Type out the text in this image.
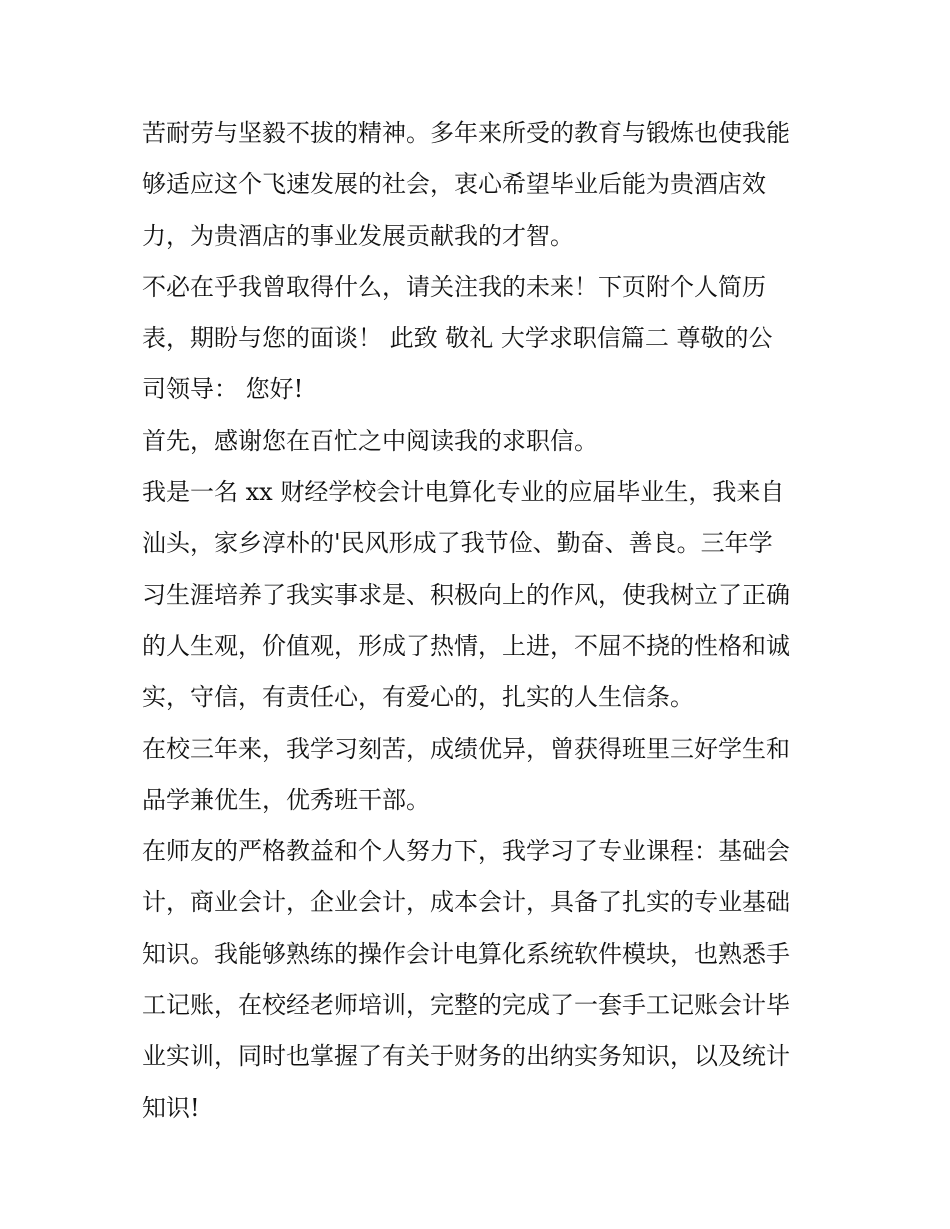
苦耐劳与坚毅不拔的精神。多年来所受的教育与锻炼也使我能
够适应这个飞速发展的社会，衷心希望毕业后能为贵酒店效
力，为贵酒店的事业发展贡献我的才智。
不必在乎我曾取得什么，请关注我的未来！下页附个人简历
表，期盼与您的面谈！ 此致 敬礼 大学求职信篇二 尊敬的公
司领导： 您好!
首先，感谢您在百忙之中阅读我的求职信。
我是一名 xx 财经学校会计电算化专业的应届毕业生，我来自
汕头，家乡淳朴的'民风形成了我节俭、勤奋、善良。三年学
习生涯培养了我实事求是、积极向上的作风，使我树立了正确
的人生观，价值观，形成了热情，上进，不屈不挠的性格和诚
实，守信，有责任心，有爱心的，扎实的人生信条。
在校三年来，我学习刻苦，成绩优异，曾获得班里三好学生和
品学兼优生，优秀班干部。
在师友的严格教益和个人努力下，我学习了专业课程：基础会
计，商业会计，企业会计，成本会计，具备了扎实的专业基础
知识。我能够熟练的操作会计电算化系统软件模块，也熟悉手
工记账，在校经老师培训，完整的完成了一套手工记账会计毕
业实训，同时也掌握了有关于财务的出纳实务知识，以及统计
知识!
